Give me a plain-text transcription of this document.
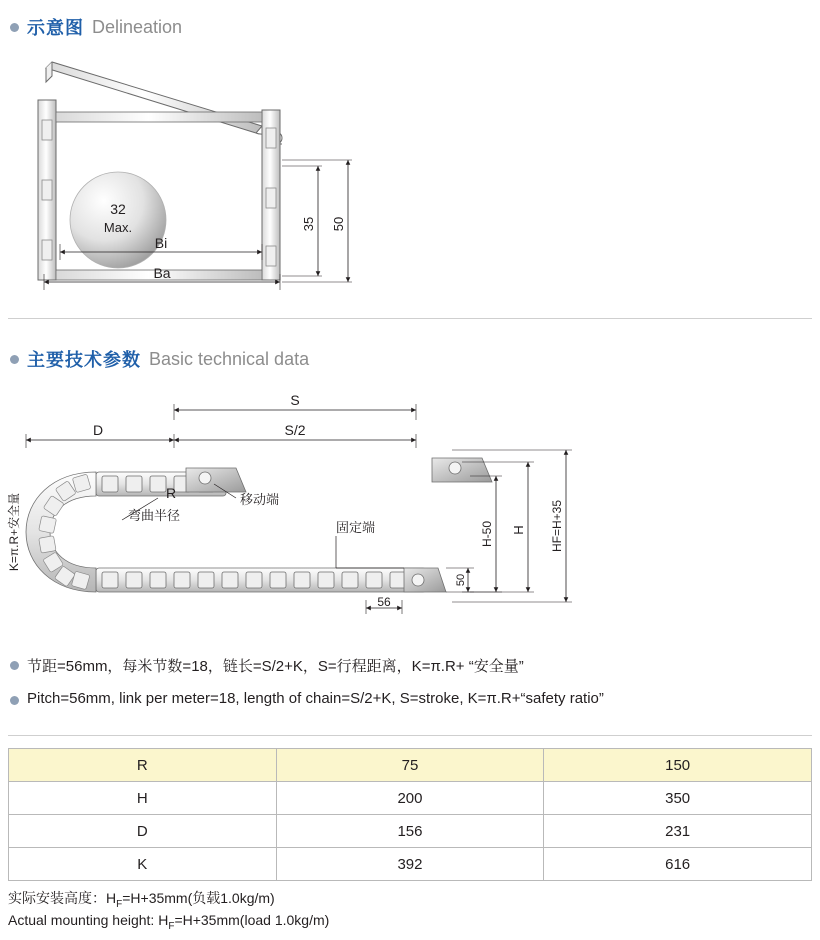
示意图 Delineation
32
Max.	35 50
Bi
Ba
主要技术参数 Basic technical data
S
S/2
D
K=π.R+安全量	R
弯曲半径
移动端
固定端
50
56
H-50 H HF=H+35
节距=56mm，每米节数=18，链长=S/2+K，S=行程距离，K=π.R+ “安全量”
Pitch=56mm, link per meter=18, length of chain=S/2+K, S=stroke, K=π.R+“safety ratio”
R	75	150
H	200	350
D	156	231
K	392	616
实际安装高度：$H_F=H+35mm$(负载1.0kg/m)
Actual mounting height: $H_F=H+35mm(load$ 1.0kg/m)
